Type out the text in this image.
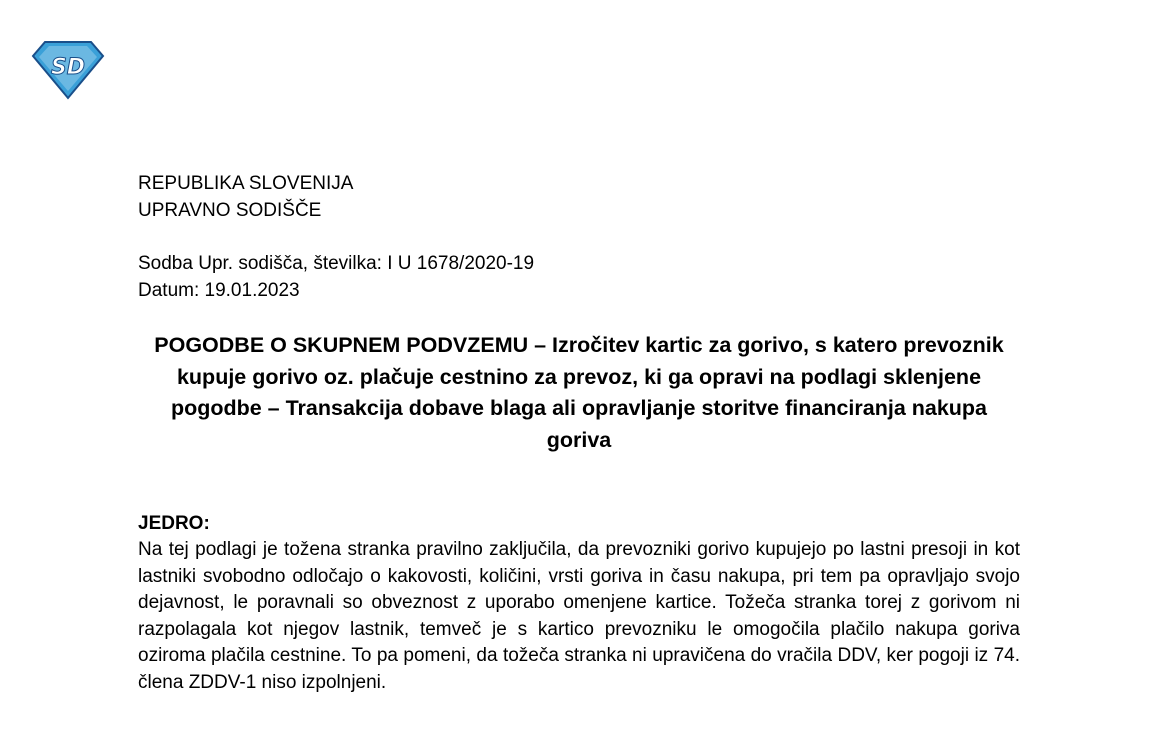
SD
REPUBLIKA SLOVENIJA
UPRAVNO SODIŠČE
Sodba Upr. sodišča, številka: I U 1678/2020-19
Datum: 19.01.2023
POGODBE O SKUPNEM PODVZEMU – Izročitev kartic za gorivo, s katero prevoznik kupuje gorivo oz. plačuje cestnino za prevoz, ki ga opravi na podlagi sklenjene pogodbe – Transakcija dobave blaga ali opravljanje storitve financiranja nakupa goriva
JEDRO:

Na tej podlagi je tožena stranka pravilno zaključila, da prevozniki gorivo kupujejo po lastni presoji in kot lastniki svobodno odločajo o kakovosti, količini, vrsti goriva in času nakupa, pri tem pa opravljajo svojo dejavnost, le poravnali so obveznost z uporabo omenjene kartice. Tožeča stranka torej z gorivom ni razpolagala kot njegov lastnik, temveč je s kartico prevozniku le omogočila plačilo nakupa goriva oziroma plačila cestnine. To pa pomeni, da tožeča stranka ni upravičena do vračila DDV, ker pogoji iz 74. člena ZDDV-1 niso izpolnjeni.
